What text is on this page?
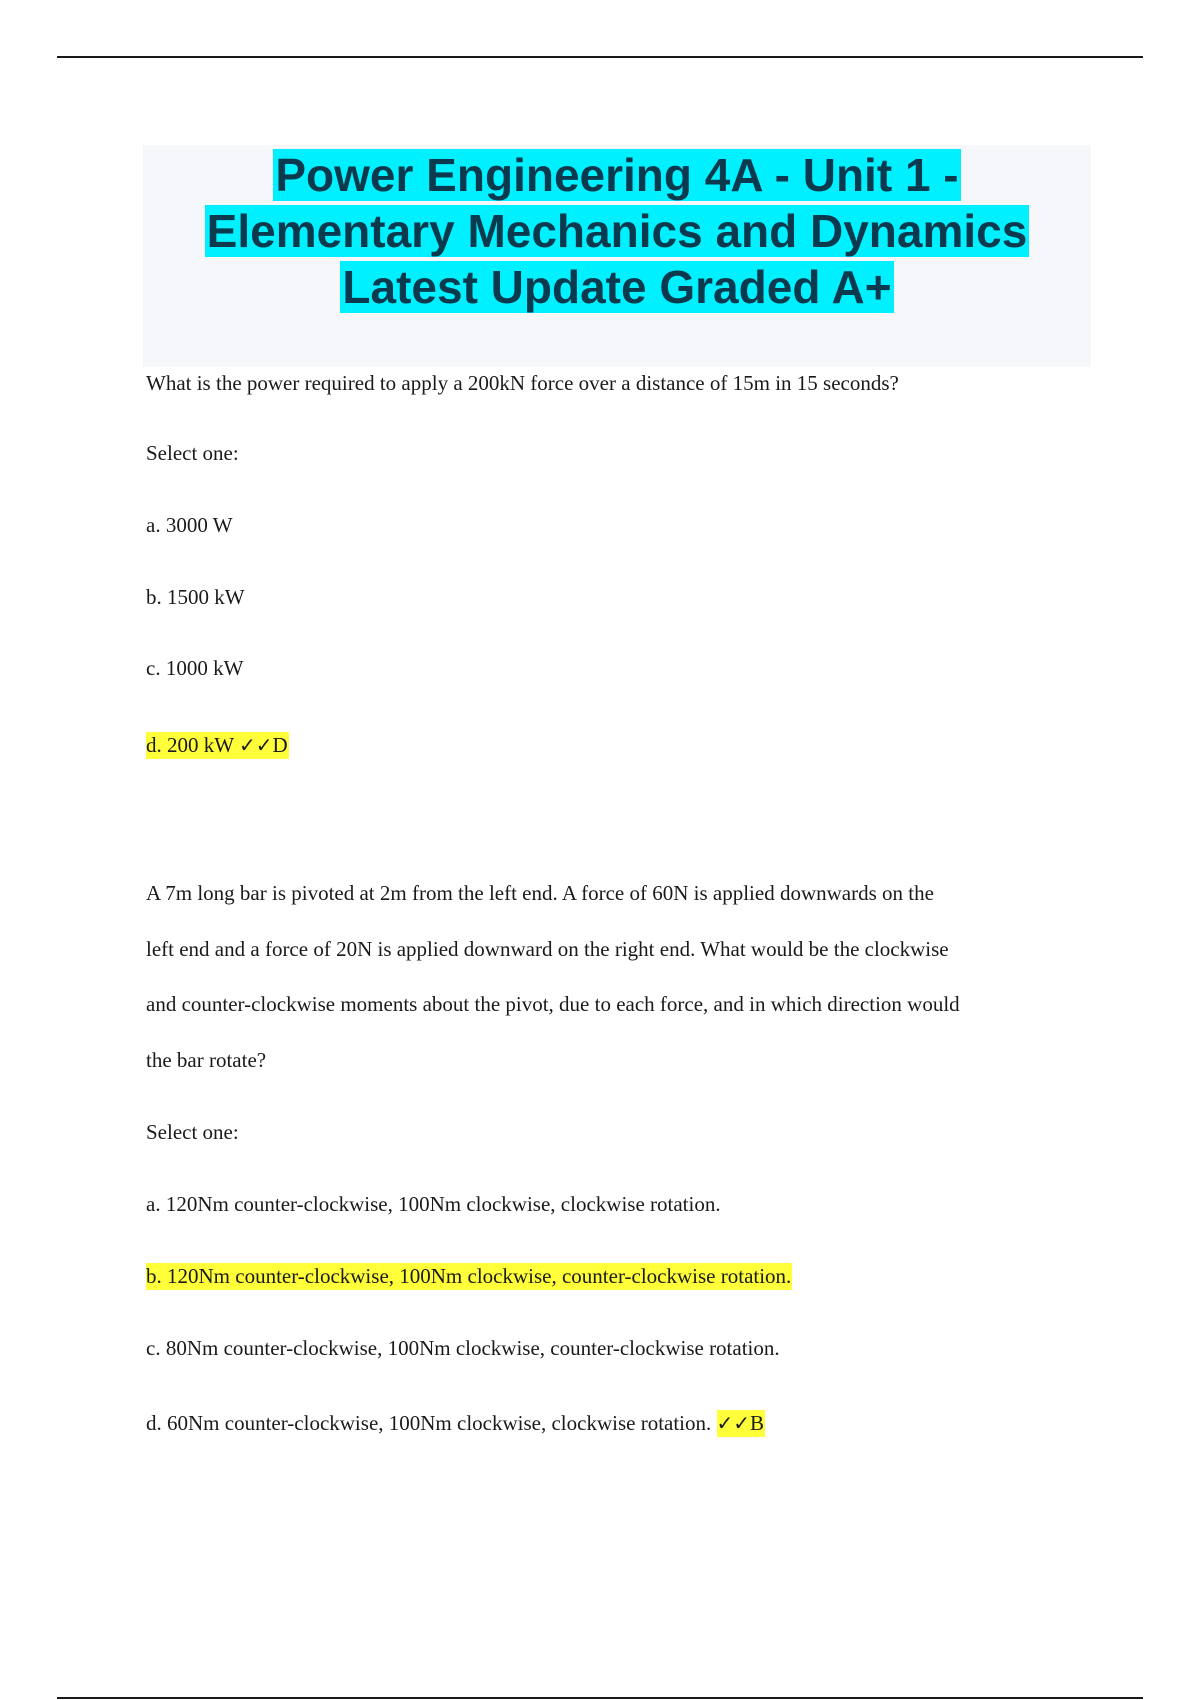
Power Engineering 4A - Unit 1 -
Elementary Mechanics and Dynamics
Latest Update Graded A+
What is the power required to apply a 200kN force over a distance of 15m in 15 seconds?
Select one:
a. 3000 W
b. 1500 kW
c. 1000 kW
d. 200 kW ✓✓D
A 7m long bar is pivoted at 2m from the left end. A force of 60N is applied downwards on the
left end and a force of 20N is applied downward on the right end. What would be the clockwise
and counter-clockwise moments about the pivot, due to each force, and in which direction would
the bar rotate?
Select one:
a. 120Nm counter-clockwise, 100Nm clockwise, clockwise rotation.
b. 120Nm counter-clockwise, 100Nm clockwise, counter-clockwise rotation.
c. 80Nm counter-clockwise, 100Nm clockwise, counter-clockwise rotation.
d. 60Nm counter-clockwise, 100Nm clockwise, clockwise rotation. ✓✓B
